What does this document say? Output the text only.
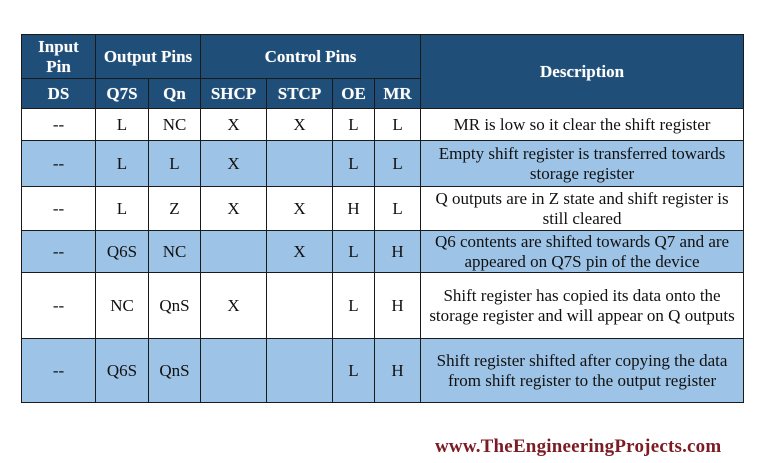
Input Pin	Output Pins		Control Pins				Description
DS	Q7S	Qn	SHCP	STCP	OE	MR	
--	L	NC	X	X	L	L	MR is low so it clear the shift register
--	L	L	X		L	L	Empty shift register is transferred towards storage register
--	L	Z	X	X	H	L	Q outputs are in Z state and shift register is still cleared
--	Q6S	NC		X	L	H	Q6 contents are shifted towards Q7 and are appeared on Q7S pin of the device
--	NC	QnS	X		L	H	Shift register has copied its data onto the storage register and will appear on Q outputs
--	Q6S	QnS			L	H	Shift register shifted after copying the data from shift register to the output register
www.TheEngineeringProjects.com
